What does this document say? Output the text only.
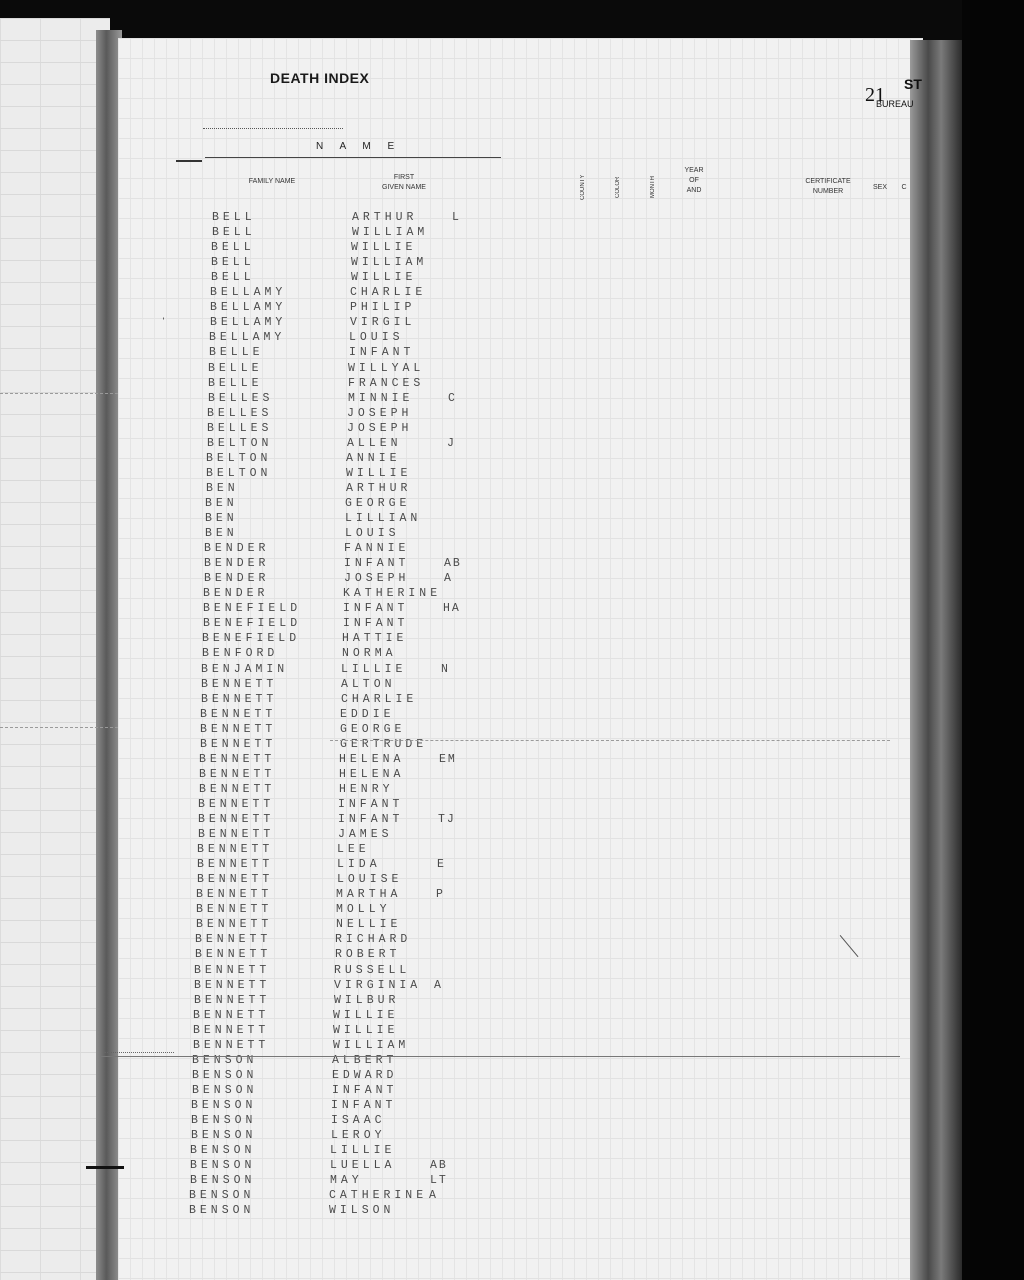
DEATH INDEX
21 ST
BUREAU
N A M E
FAMILY NAME
FIRST
GIVEN NAME	COUNTY	COLOR	MONTH
YEAR
OF
AND
CERTIFICATE
NUMBER
SEX	C
BELL	ARTHUR	L
BELL	WILLIAM
BELL	WILLIE
BELL	WILLIAM
BELL	WILLIE
BELLAMY	CHARLIE
BELLAMY	PHILIP
BELLAMY	VIRGIL
BELLAMY	LOUIS
BELLE	INFANT
BELLE	WILLYAL
BELLE	FRANCES
BELLES	MINNIE	C
BELLES	JOSEPH
BELLES	JOSEPH
BELTON	ALLEN	J
BELTON	ANNIE
BELTON	WILLIE
BEN	ARTHUR
BEN	GEORGE
BEN	LILLIAN
BEN	LOUIS
BENDER	FANNIE
BENDER	INFANT	AB
BENDER	JOSEPH	A
BENDER	KATHERINE
BENEFIELD	INFANT	HA
BENEFIELD	INFANT
BENEFIELD	HATTIE
BENFORD	NORMA
BENJAMIN	LILLIE	N
BENNETT	ALTON
BENNETT	CHARLIE
BENNETT	EDDIE
BENNETT	GEORGE
BENNETT	GERTRUDE
BENNETT	HELENA	EM
BENNETT	HELENA
BENNETT	HENRY
BENNETT	INFANT
BENNETT	INFANT	TJ
BENNETT	JAMES
BENNETT	LEE
BENNETT	LIDA	E
BENNETT	LOUISE
BENNETT	MARTHA	P
BENNETT	MOLLY
BENNETT	NELLIE
BENNETT	RICHARD
BENNETT	ROBERT
BENNETT	RUSSELL
BENNETT	VIRGINIA A
BENNETT	WILBUR
BENNETT	WILLIE
BENNETT	WILLIE
BENNETT	WILLIAM
BENSON	ALBERT
BENSON	EDWARD
BENSON	INFANT
BENSON	INFANT
BENSON	ISAAC
BENSON	LEROY
BENSON	LILLIE
BENSON	LUELLA	AB
BENSON	MAY	LT
BENSON	CATHERINE A
BENSON	WILSON
ˌ
